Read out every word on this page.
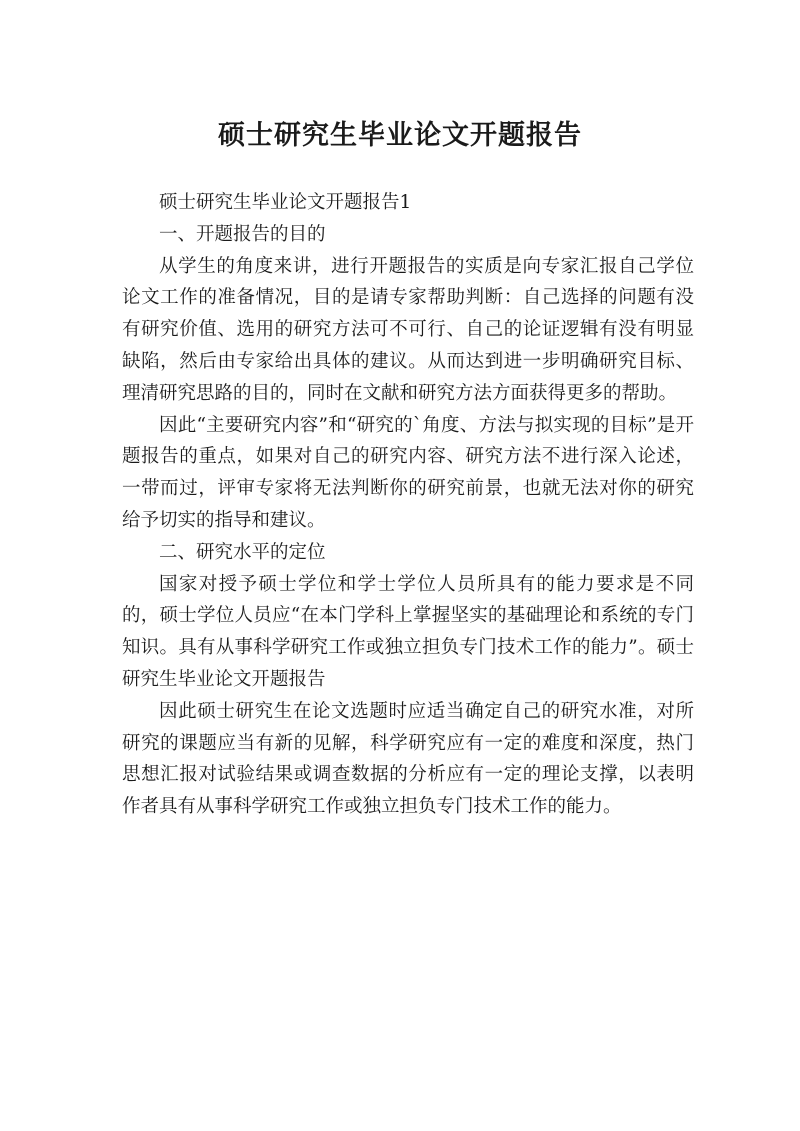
硕士研究生毕业论文开题报告

硕士研究生毕业论文开题报告1

一、开题报告的目的

从学生的角度来讲，进行开题报告的实质是向专家汇报自己学位论文工作的准备情况，目的是请专家帮助判断：自己选择的问题有没有研究价值、选用的研究方法可不可行、自己的论证逻辑有没有明显缺陷，然后由专家给出具体的建议。从而达到进一步明确研究目标、理清研究思路的目的，同时在文献和研究方法方面获得更多的帮助。

因此“主要研究内容”和“研究的`角度、方法与拟实现的目标”是开题报告的重点，如果对自己的研究内容、研究方法不进行深入论述，一带而过，评审专家将无法判断你的研究前景，也就无法对你的研究给予切实的指导和建议。

二、研究水平的定位

国家对授予硕士学位和学士学位人员所具有的能力要求是不同的，硕士学位人员应“在本门学科上掌握坚实的基础理论和系统的专门知识。具有从事科学研究工作或独立担负专门技术工作的能力”。硕士研究生毕业论文开题报告

因此硕士研究生在论文选题时应适当确定自己的研究水准，对所研究的课题应当有新的见解，科学研究应有一定的难度和深度，热门思想汇报对试验结果或调查数据的分析应有一定的理论支撑，以表明作者具有从事科学研究工作或独立担负专门技术工作的能力。
